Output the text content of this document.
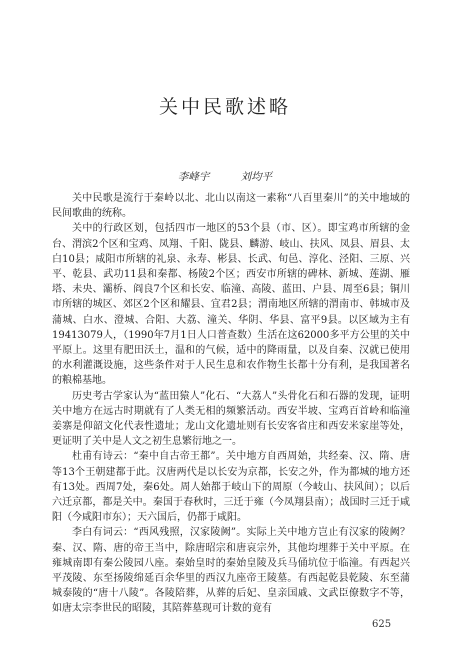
关中民歌述略
李峰宇	刘均平

关中民歌是流行于秦岭以北、北山以南这一素称“八百里秦川”的关中地域的民间歌曲的统称。

关中的行政区划，包括四市一地区的53个县（市、区）。即宝鸡市所辖的金台、渭滨2个区和宝鸡、凤翔、千阳、陇县、麟游、岐山、扶风、凤县、眉县、太白10县；咸阳市所辖的礼泉、永寿、彬县、长武、旬邑、淳化、泾阳、三原、兴平、乾县、武功11县和秦都、杨陵2个区；西安市所辖的碑林、新城、莲湖、雁塔、未央、灞桥、阎良7个区和长安、临潼、高陵、蓝田、户县、周至6县；铜川市所辖的城区、郊区2个区和耀县、宜君2县；渭南地区所辖的渭南市、韩城市及蒲城、白水、澄城、合阳、大荔、潼关、华阴、华县、富平9县。以区域为主有19413079人，（1990年7月1日人口普查数）生活在这62000多平方公里的关中平原上。这里有肥田沃土，温和的气候，适中的降雨量，以及自秦、汉就已使用的水利灌溉设施，这些条件对于人民生息和农作物生长都十分有利，是我国著名的粮棉基地。

历史考古学家认为“蓝田猿人”化石、“大荔人”头骨化石和石器的发现，证明关中地方在远古时期就有了人类无相的频繁活动。西安半坡、宝鸡百首岭和临潼姜寨是仰韶文化代表性遗址；龙山文化遗址则有长安客省庄和西安米家崖等处，更证明了关中是人文之初生息繁衍地之一。

杜甫有诗云：“秦中自古帝王都”。关中地方自西周始，共经秦、汉、隋、唐等13个王朝建都于此。汉唐两代是以长安为京都，长安之外，作为都城的地方还有13处。西周7处，秦6处。周人始都于岐山下的周原（今岐山、扶风间）；以后六迁京都，都是关中。秦国于春秋时，三迁于雍（今凤翔县南）；战国时三迁于咸阳（今咸阳市东）；天六国后，仍都于咸阳。

李白有词云：“西风残照，汉家陵阙”。实际上关中地方岂止有汉家的陵阙？秦、汉、隋、唐的帝王当中，除唐昭宗和唐哀宗外，其他均埋葬于关中平原。在雍城南即有秦公陵园八座。秦始皇时的秦始皇陵及兵马俑坑位于临潼。有西起兴平茂陵、东至扬陵绵延百余华里的西汉九座帝王陵墓。有西起乾县乾陵、东至蒲城泰陵的“唐十八陵”。各陵陪葬，从葬的后妃、皇亲国戚、文武臣僚数字不等，如唐太宗李世民的昭陵，其陪葬墓现可计数的竟有

625
